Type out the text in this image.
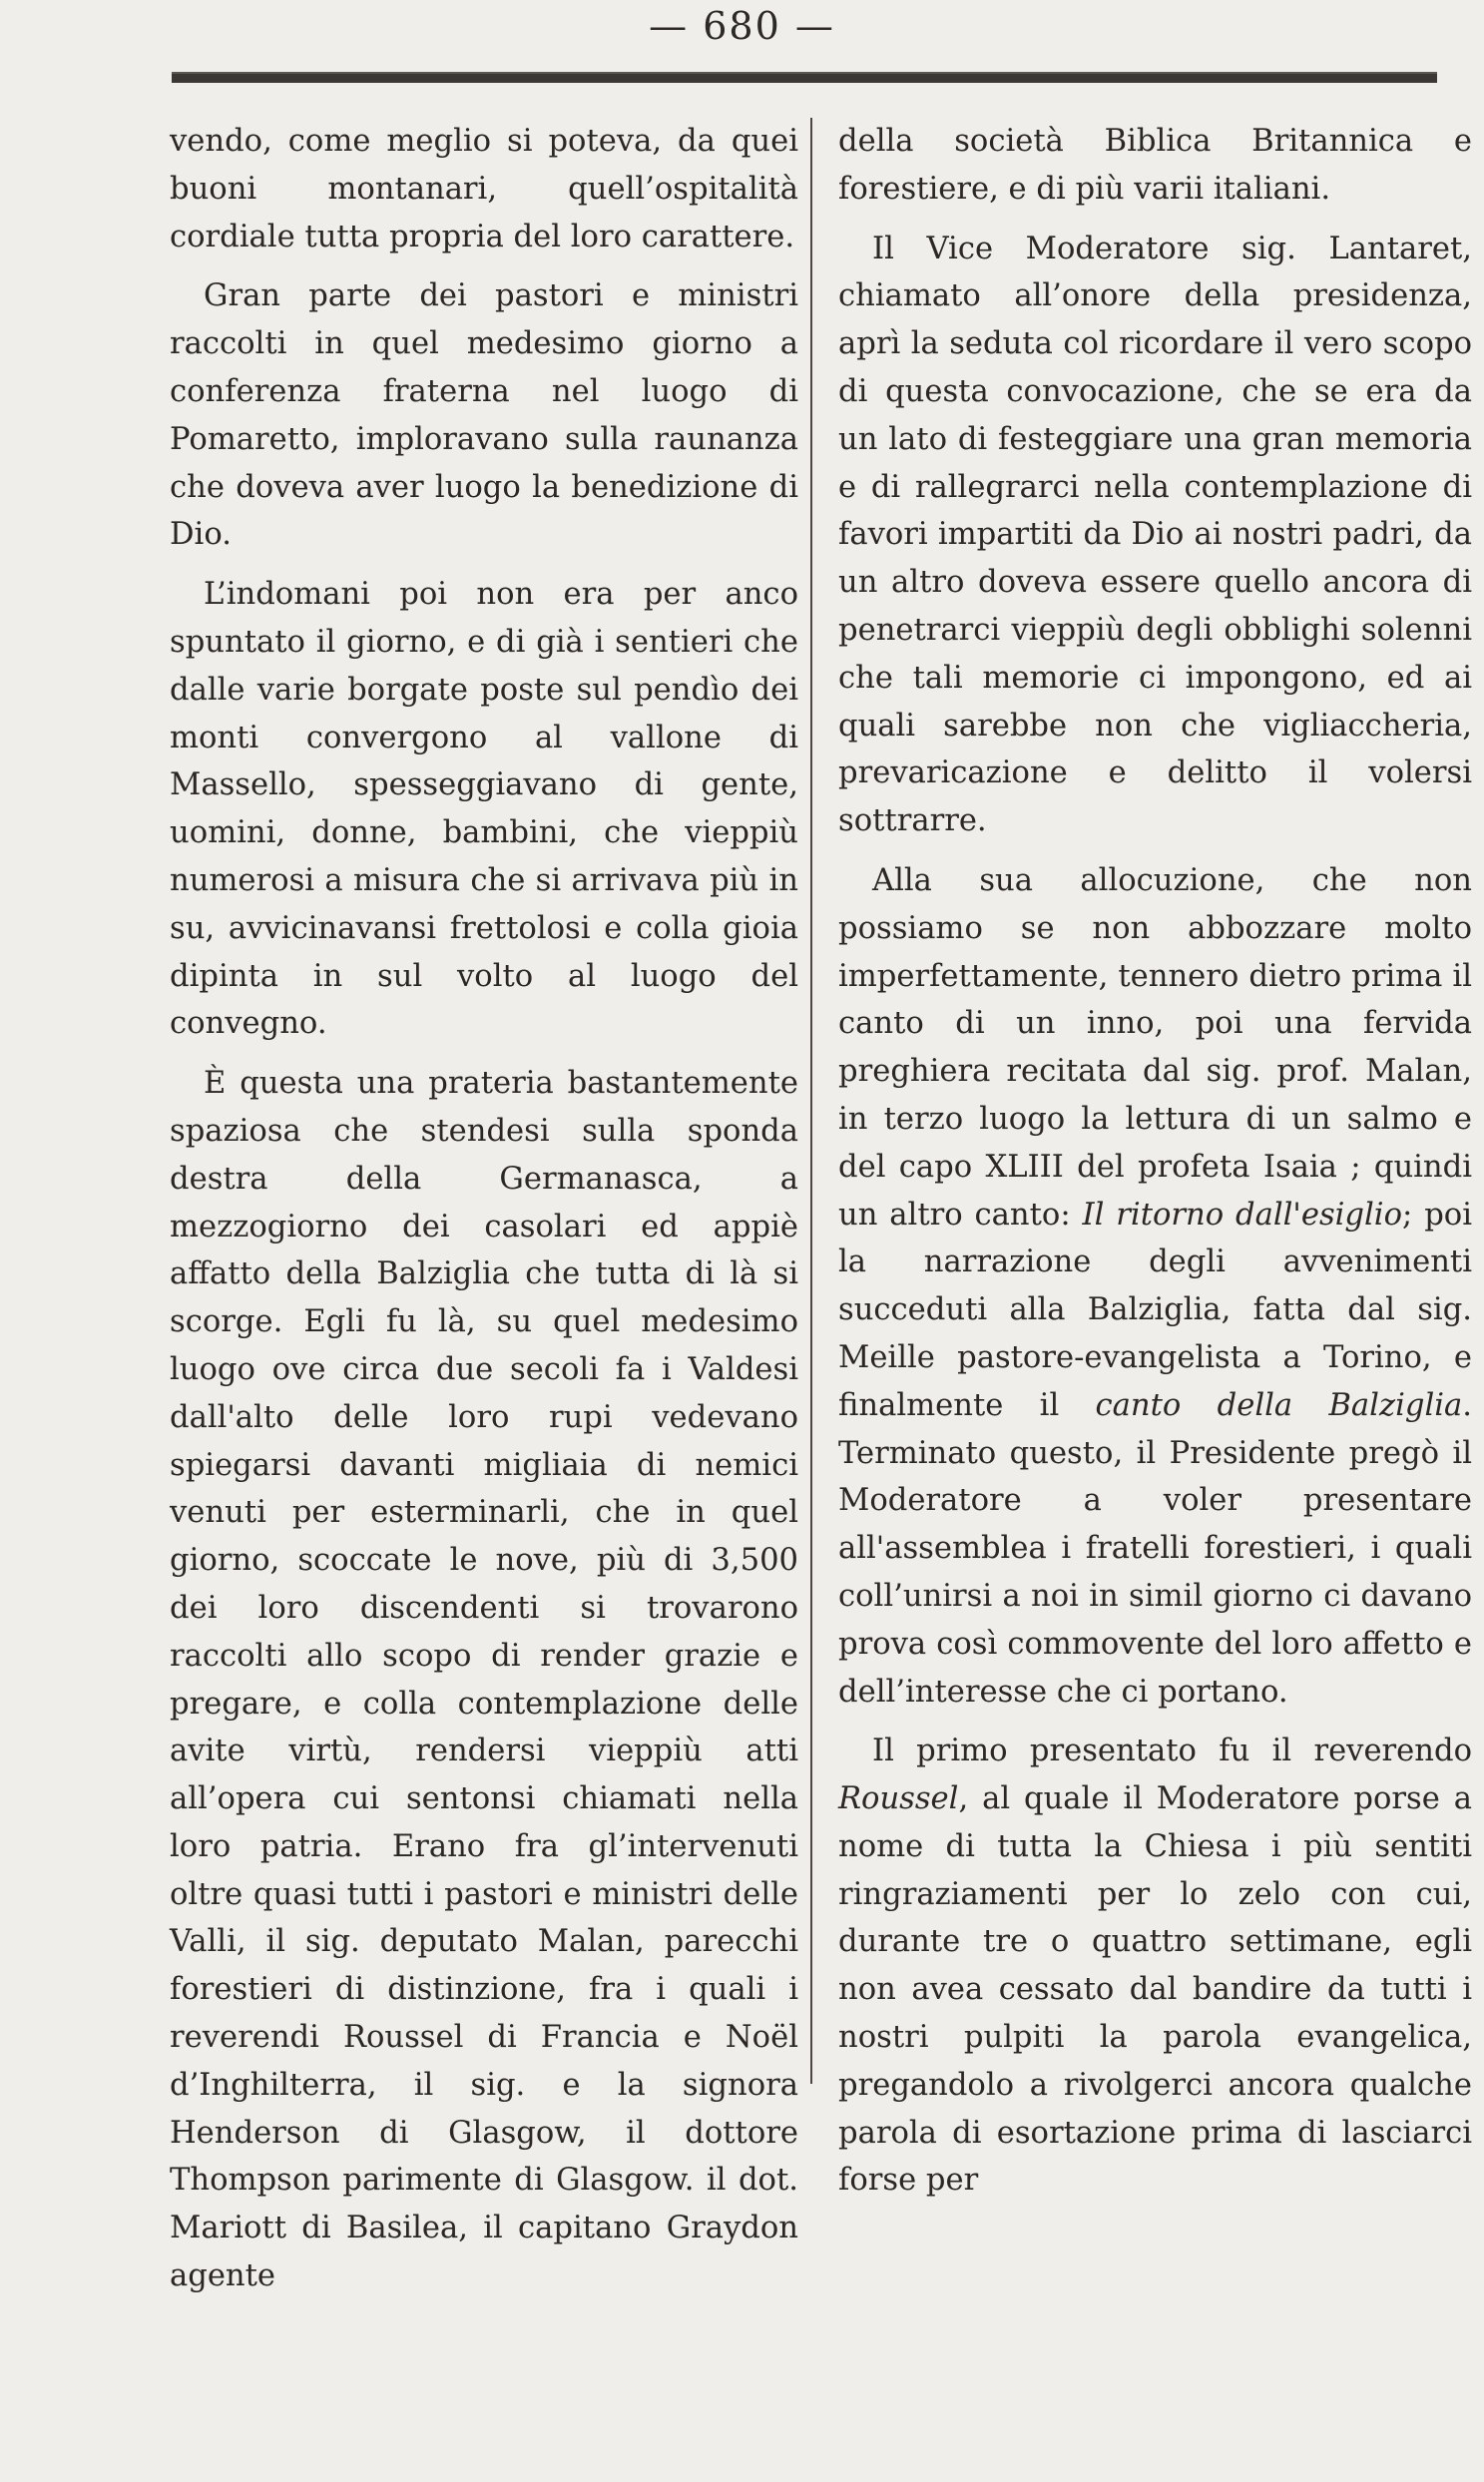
— 680 —

vendo, come meglio si poteva, da quei buoni montanari, quell’ospitalità cordiale tutta propria del loro carattere.

Gran parte dei pastori e ministri raccolti in quel medesimo giorno a conferenza fraterna nel luogo di Pomaretto, imploravano sulla raunanza che doveva aver luogo la benedizione di Dio.

L’indomani poi non era per anco spuntato il giorno, e di già i sentieri che dalle varie borgate poste sul pendìo dei monti convergono al vallone di Massello, spesseggiavano di gente, uomini, donne, bambini, che vieppiù numerosi a misura che si arrivava più in su, avvicinavansi frettolosi e colla gioia dipinta in sul volto al luogo del convegno.

È questa una prateria bastantemente spaziosa che stendesi sulla sponda destra della Germanasca, a mezzogiorno dei casolari ed appiè affatto della Balziglia che tutta di là si scorge. Egli fu là, su quel medesimo luogo ove circa due secoli fa i Valdesi dall'alto delle loro rupi vedevano spiegarsi davanti migliaia di nemici venuti per esterminarli, che in quel giorno, scoccate le nove, più di 3,500 dei loro discendenti si trovarono raccolti allo scopo di render grazie e pregare, e colla contemplazione delle avite virtù, rendersi vieppiù atti all’opera cui sentonsi chiamati nella loro patria. Erano fra gl’intervenuti oltre quasi tutti i pastori e ministri delle Valli, il sig. deputato Malan, parecchi forestieri di distinzione, fra i quali i reverendi Roussel di Francia e Noël d’Inghilterra, il sig. e la signora Henderson di Glasgow, il dottore Thompson parimente di Glasgow. il dot. Mariott di Basilea, il capitano Graydon agente

della società Biblica Britannica e forestiere, e di più varii italiani.

Il Vice Moderatore sig. Lantaret, chiamato all’onore della presidenza, aprì la seduta col ricordare il vero scopo di questa convocazione, che se era da un lato di festeggiare una gran memoria e di rallegrarci nella contemplazione di favori impartiti da Dio ai nostri padri, da un altro doveva essere quello ancora di penetrarci vieppiù degli obblighi solenni che tali memorie ci impongono, ed ai quali sarebbe non che vigliaccheria, prevaricazione e delitto il volersi sottrarre.

Alla sua allocuzione, che non possiamo se non abbozzare molto imperfettamente, tennero dietro prima il canto di un inno, poi una fervida preghiera recitata dal sig. prof. Malan, in terzo luogo la lettura di un salmo e del capo XLIII del profeta Isaia ; quindi un altro canto: Il ritorno dall'esiglio; poi la narrazione degli avvenimenti succeduti alla Balziglia, fatta dal sig. Meille pastore-evangelista a Torino, e finalmente il canto della Balziglia. Terminato questo, il Presidente pregò il Moderatore a voler presentare all'assemblea i fratelli forestieri, i quali coll’unirsi a noi in simil giorno ci davano prova così commovente del loro affetto e dell’interesse che ci portano.

Il primo presentato fu il reverendo Roussel, al quale il Moderatore porse a nome di tutta la Chiesa i più sentiti ringraziamenti per lo zelo con cui, durante tre o quattro settimane, egli non avea cessato dal bandire da tutti i nostri pulpiti la parola evangelica, pregandolo a rivolgerci ancora qualche parola di esortazione prima di lasciarci forse per
